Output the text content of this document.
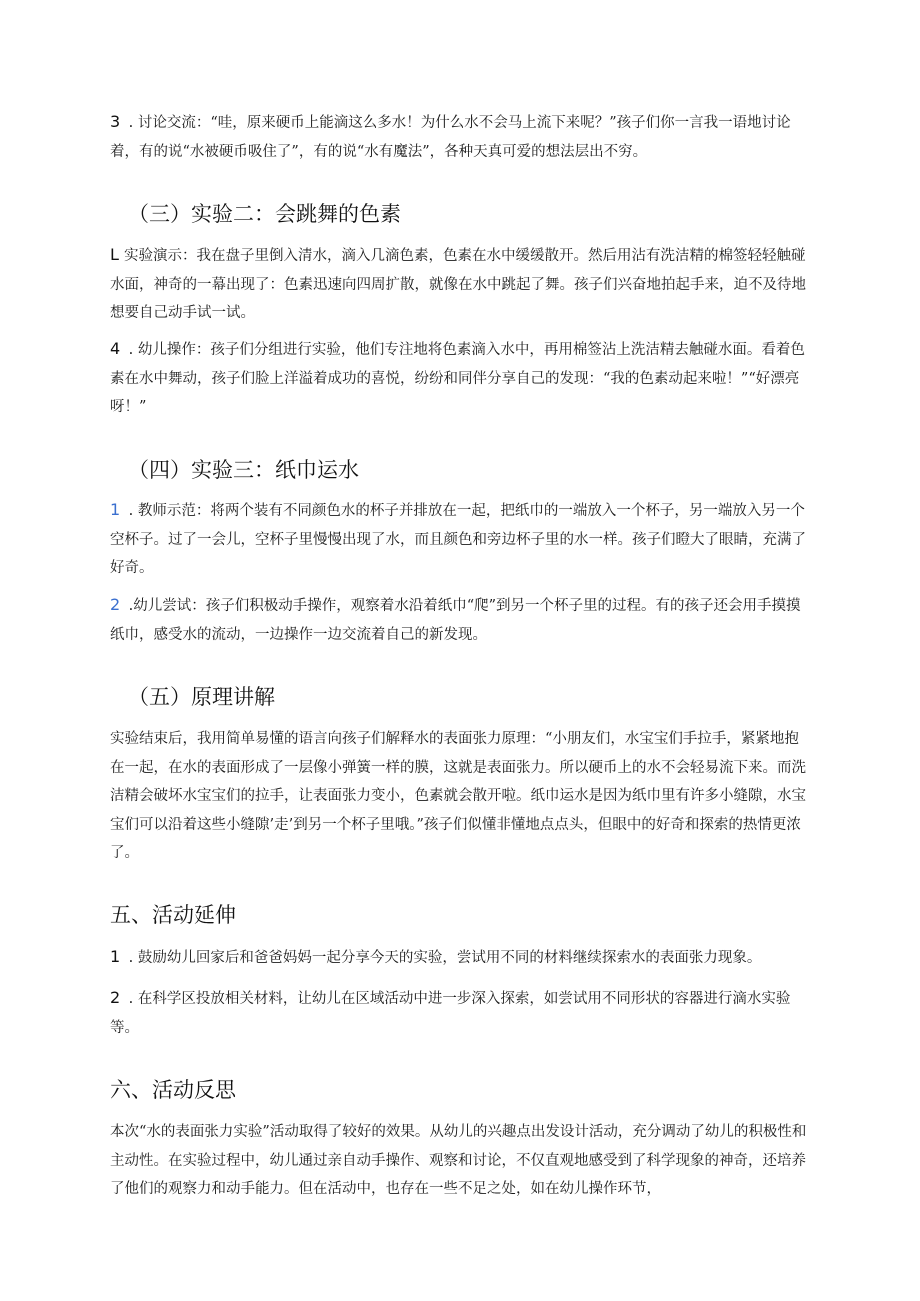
3 . 讨论交流：“哇，原来硬币上能滴这么多水！为什么水不会马上流下来呢？”孩子们你一言我一语地讨论着，有的说“水被硬币吸住了”，有的说“水有魔法”，各种天真可爱的想法层出不穷。
（三）实验二：会跳舞的色素
L 实验演示：我在盘子里倒入清水，滴入几滴色素，色素在水中缓缓散开。然后用沾有洗洁精的棉签轻轻触碰水面，神奇的一幕出现了：色素迅速向四周扩散，就像在水中跳起了舞。孩子们兴奋地拍起手来，迫不及待地想要自己动手试一试。
4 . 幼儿操作：孩子们分组进行实验，他们专注地将色素滴入水中，再用棉签沾上洗洁精去触碰水面。看着色素在水中舞动，孩子们脸上洋溢着成功的喜悦，纷纷和同伴分享自己的发现：“我的色素动起来啦！”“好漂亮呀！”
（四）实验三：纸巾运水
1 . 教师示范：将两个装有不同颜色水的杯子并排放在一起，把纸巾的一端放入一个杯子，另一端放入另一个空杯子。过了一会儿，空杯子里慢慢出现了水，而且颜色和旁边杯子里的水一样。孩子们瞪大了眼睛，充满了好奇。
2 .幼儿尝试：孩子们积极动手操作，观察着水沿着纸巾“爬”到另一个杯子里的过程。有的孩子还会用手摸摸纸巾，感受水的流动，一边操作一边交流着自己的新发现。
（五）原理讲解
实验结束后，我用简单易懂的语言向孩子们解释水的表面张力原理：“小朋友们，水宝宝们手拉手，紧紧地抱在一起，在水的表面形成了一层像小弹簧一样的膜，这就是表面张力。所以硬币上的水不会轻易流下来。而洗洁精会破坏水宝宝们的拉手，让表面张力变小，色素就会散开啦。纸巾运水是因为纸巾里有许多小缝隙，水宝宝们可以沿着这些小缝隙’走’到另一个杯子里哦。”孩子们似懂非懂地点点头，但眼中的好奇和探索的热情更浓了。
五、活动延伸
1 . 鼓励幼儿回家后和爸爸妈妈一起分享今天的实验，尝试用不同的材料继续探索水的表面张力现象。
2 . 在科学区投放相关材料，让幼儿在区域活动中进一步深入探索，如尝试用不同形状的容器进行滴水实验等。
六、活动反思
本次“水的表面张力实验”活动取得了较好的效果。从幼儿的兴趣点出发设计活动，充分调动了幼儿的积极性和主动性。在实验过程中，幼儿通过亲自动手操作、观察和讨论，不仅直观地感受到了科学现象的神奇，还培养了他们的观察力和动手能力。但在活动中，也存在一些不足之处，如在幼儿操作环节，
